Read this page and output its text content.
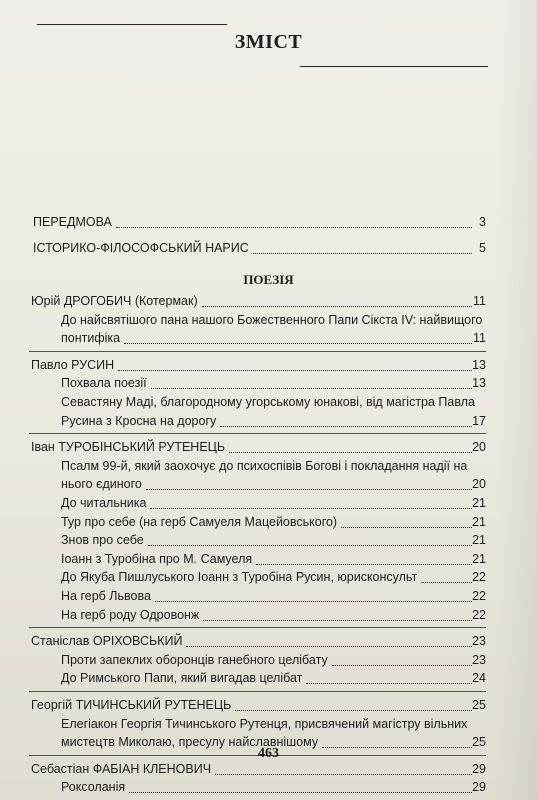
ЗМІСТ
ПЕРЕДМОВА	3
ІСТОРИКО-ФІЛОСОФСЬКИЙ НАРИС	5
ПОЕЗІЯ
Юрій ДРОГОБИЧ (Котермак)	11
До найсвятішого пана нашого Божественного Папи Сікста IV: найвищого
понтифіка	11
Павло РУСИН	13
Похвала поезії	13
Севастяну Маді, благородному угорському юнакові, від магістра Павла
Русина з Кросна на дорогу	17
Іван ТУРОБІНСЬКИЙ РУТЕНЕЦЬ	20
Псалм 99-й, який заохочує до психоспівів Богові і покладання надії на
нього єдиного	20
До читальника	21
Тур про себе (на герб Самуеля Мацейовського)	21
Знов про себе	21
Іоанн з Туробіна про М. Самуеля	21
До Якуба Пишлуського Іоанн з Туробіна Русин, юрисконсульт	22
На герб Львова	22
На герб роду Одровонж	22
Станіслав ОРІХОВСЬКИЙ	23
Проти запеклих оборонців ганебного целібату	23
До Римського Папи, який вигадав целібат	24
Георгій ТИЧИНСЬКИЙ РУТЕНЕЦЬ	25
Елегіакон Георгія Тичинського Рутенця, присвячений магістру вільних
мистецтв Миколаю, пресулу найславнішому	25
Себастіан ФАБІАН КЛЕНОВИЧ	29
Роксоланія	29
463
